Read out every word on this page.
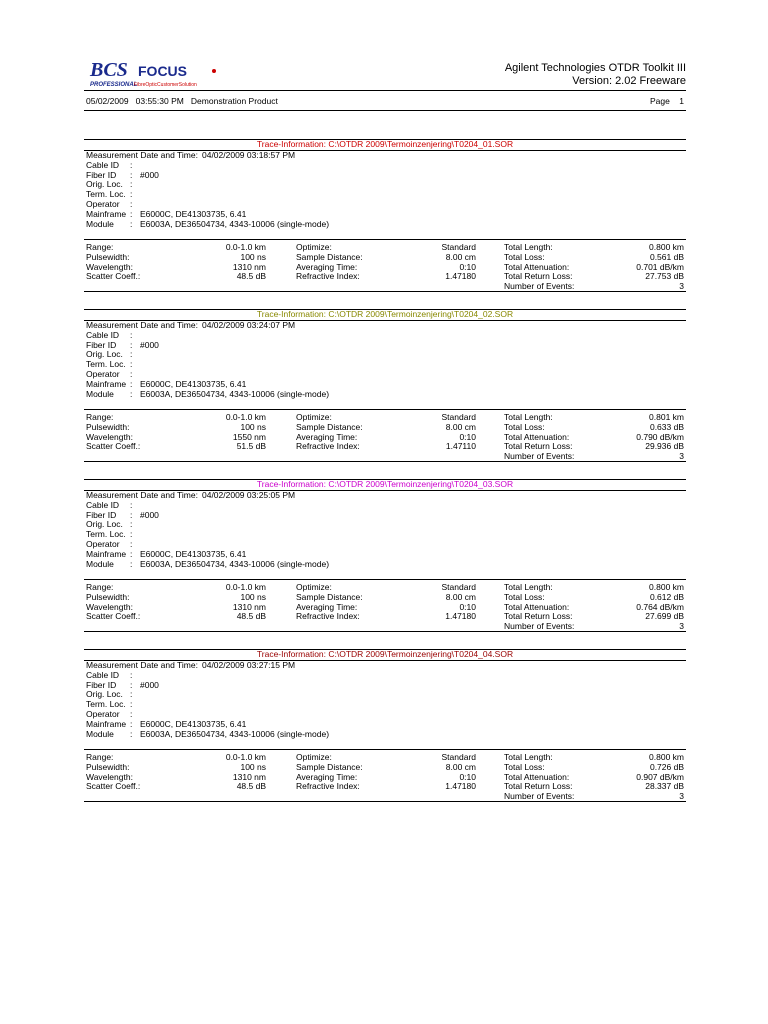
BCS FOCUS
PROFESSIONAL
FibreOpticCustomerSolution
Agilent Technologies OTDR Toolkit III
Version: 2.02 Freeware
05/02/2009   03:55:30 PM Demonstration Product	Page 1
Trace-Information: C:\OTDR 2009\Termoinzenjering\T0204_01.SOR
Measurement Date and Time: 04/02/2009 03:18:57 PM
Cable ID :
Fiber ID : #000
Orig. Loc. :
Term. Loc. :
Operator :
Mainframe : E6000C, DE41303735, 6.41
Module : E6003A, DE36504734, 4343-10006 (single-mode)
Range:	0.0-1.0 km	Optimize:	Standard	Total Length:	0.800 km
Pulsewidth:	100 ns	Sample Distance:	8.00 cm	Total Loss:	0.561 dB
Wavelength:	1310 nm	Averaging Time:	0:10	Total Attenuation:	0.701 dB/km
Scatter Coeff.:	48.5 dB	Refractive Index:	1.47180	Total Return Loss:	27.753 dB
Number of Events:	3
Trace-Information: C:\OTDR 2009\Termoinzenjering\T0204_02.SOR
Measurement Date and Time: 04/02/2009 03:24:07 PM
Cable ID :
Fiber ID : #000
Orig. Loc. :
Term. Loc. :
Operator :
Mainframe : E6000C, DE41303735, 6.41
Module : E6003A, DE36504734, 4343-10006 (single-mode)
Range:	0.0-1.0 km	Optimize:	Standard	Total Length:	0.801 km
Pulsewidth:	100 ns	Sample Distance:	8.00 cm	Total Loss:	0.633 dB
Wavelength:	1550 nm	Averaging Time:	0:10	Total Attenuation:	0.790 dB/km
Scatter Coeff.:	51.5 dB	Refractive Index:	1.47110	Total Return Loss:	29.936 dB
Number of Events:	3
Trace-Information: C:\OTDR 2009\Termoinzenjering\T0204_03.SOR
Measurement Date and Time: 04/02/2009 03:25:05 PM
Cable ID :
Fiber ID : #000
Orig. Loc. :
Term. Loc. :
Operator :
Mainframe : E6000C, DE41303735, 6.41
Module : E6003A, DE36504734, 4343-10006 (single-mode)
Range:	0.0-1.0 km	Optimize:	Standard	Total Length:	0.800 km
Pulsewidth:	100 ns	Sample Distance:	8.00 cm	Total Loss:	0.612 dB
Wavelength:	1310 nm	Averaging Time:	0:10	Total Attenuation:	0.764 dB/km
Scatter Coeff.:	48.5 dB	Refractive Index:	1.47180	Total Return Loss:	27.699 dB
Number of Events:	3
Trace-Information: C:\OTDR 2009\Termoinzenjering\T0204_04.SOR
Measurement Date and Time: 04/02/2009 03:27:15 PM
Cable ID :
Fiber ID : #000
Orig. Loc. :
Term. Loc. :
Operator :
Mainframe : E6000C, DE41303735, 6.41
Module : E6003A, DE36504734, 4343-10006 (single-mode)
Range:	0.0-1.0 km	Optimize:	Standard	Total Length:	0.800 km
Pulsewidth:	100 ns	Sample Distance:	8.00 cm	Total Loss:	0.726 dB
Wavelength:	1310 nm	Averaging Time:	0:10	Total Attenuation:	0.907 dB/km
Scatter Coeff.:	48.5 dB	Refractive Index:	1.47180	Total Return Loss:	28.337 dB
Number of Events:	3
